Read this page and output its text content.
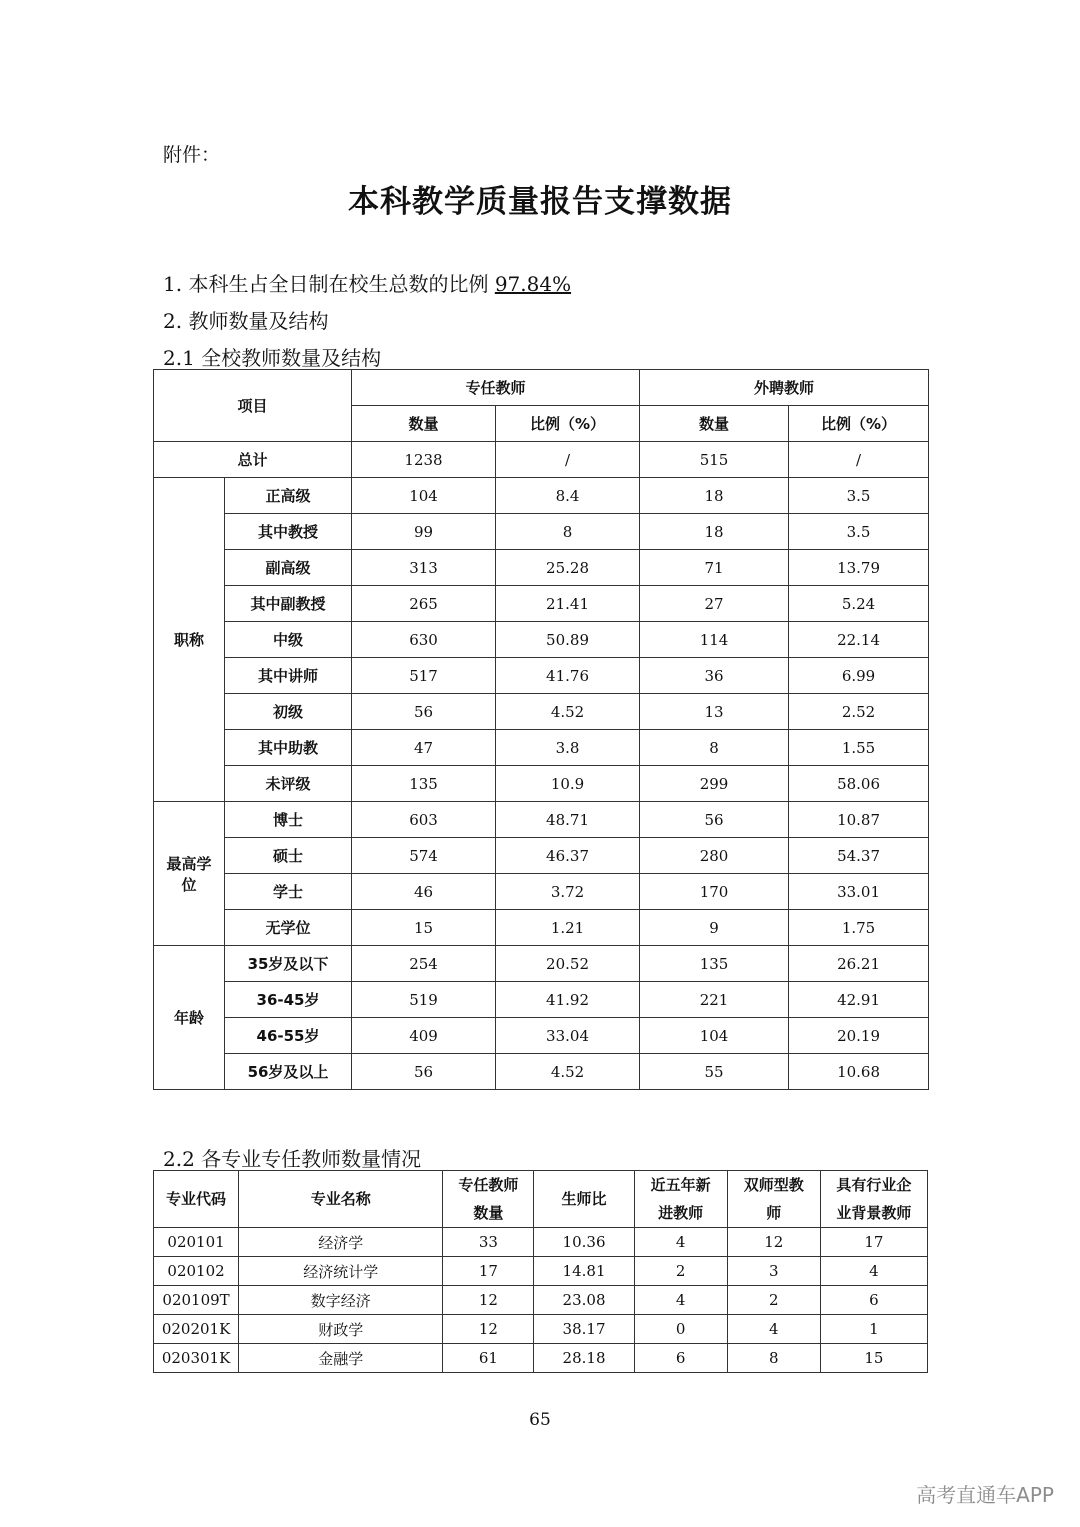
附件：
本科教学质量报告支撑数据
1. 本科生占全日制在校生总数的比例 97.84%
2. 教师数量及结构
2.1 全校教师数量及结构
项目		专任教师		外聘教师	
		数量	比例（%）	数量	比例（%）
总计		1238	/	515	/
职称	正高级	104	8.4	18	3.5
	其中教授	99	8	18	3.5
	副高级	313	25.28	71	13.79
	其中副教授	265	21.41	27	5.24
	中级	630	50.89	114	22.14
	其中讲师	517	41.76	36	6.99
	初级	56	4.52	13	2.52
	其中助教	47	3.8	8	1.55
	未评级	135	10.9	299	58.06
最高学位	博士	603	48.71	56	10.87
	硕士	574	46.37	280	54.37
	学士	46	3.72	170	33.01
	无学位	15	1.21	9	1.75
年龄	35岁及以下	254	20.52	135	26.21
	36-45岁	519	41.92	221	42.91
	46-55岁	409	33.04	104	20.19
	56岁及以上	56	4.52	55	10.68
2.2 各专业专任教师数量情况
专业代码	专业名称	专任教师数量	生师比	近五年新进教师	双师型教师	具有行业企业背景教师
020101	经济学	33	10.36	4	12	17
020102	经济统计学	17	14.81	2	3	4
020109T	数字经济	12	23.08	4	2	6
020201K	财政学	12	38.17	0	4	1
020301K	金融学	61	28.18	6	8	15
65
高考直通车APP
